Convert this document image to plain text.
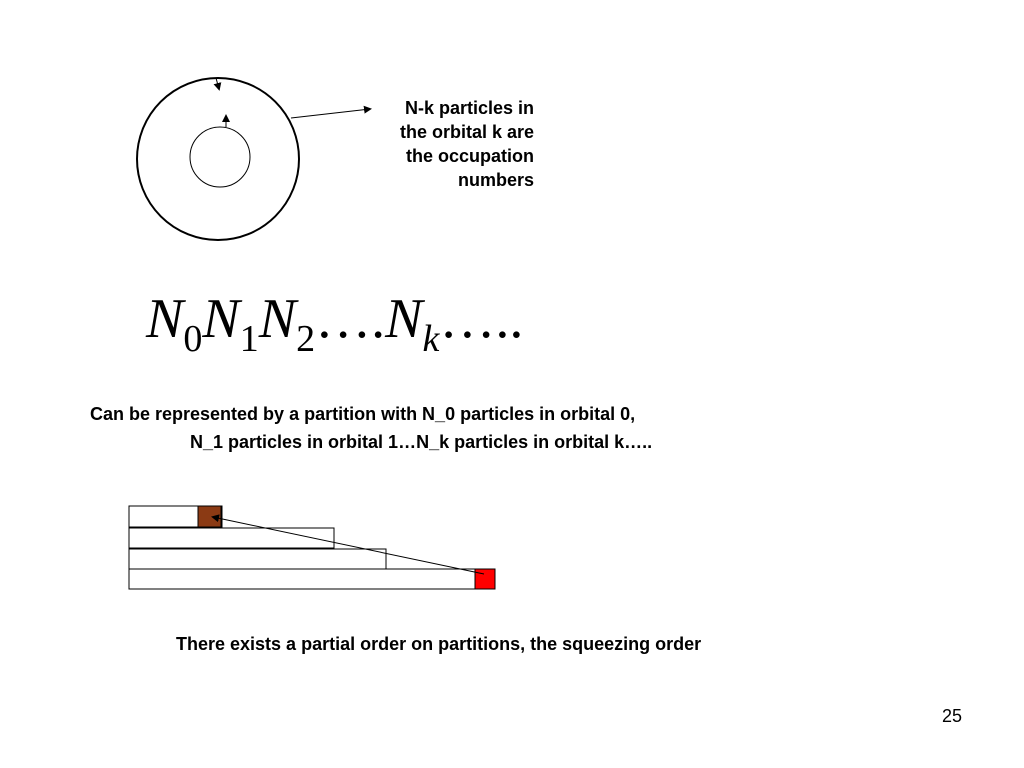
N-k particles in
the orbital k are
the occupation
numbers
$N_0N_1N_2\dots.N_k\dots$..
Can be represented by a partition with N_0 particles in orbital 0,
N_1 particles in orbital 1…N_k particles in orbital k…..
There exists a partial order on partitions, the squeezing order
25
